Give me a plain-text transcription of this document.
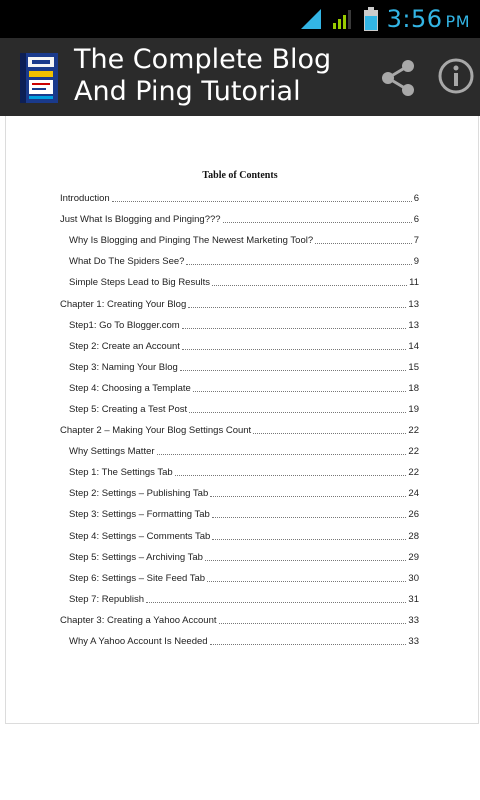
3:56 PM
The Complete Blog And Ping Tutorial
Table of Contents
Introduction	6
Just What Is Blogging and Pinging???	6
Why Is Blogging and Pinging The Newest Marketing Tool?	7
What Do The Spiders See?	9
Simple Steps Lead to Big Results	11
Chapter 1: Creating Your Blog	13
Step1: Go To Blogger.com	13
Step 2: Create an Account	14
Step 3: Naming Your Blog	15
Step 4: Choosing a Template	18
Step 5: Creating a Test Post	19
Chapter 2 – Making Your Blog Settings Count	22
Why Settings Matter	22
Step 1: The Settings Tab	22
Step 2: Settings – Publishing Tab	24
Step 3: Settings – Formatting Tab	26
Step 4: Settings – Comments Tab	28
Step 5: Settings – Archiving Tab	29
Step 6: Settings – Site Feed Tab	30
Step 7: Republish	31
Chapter 3: Creating a Yahoo Account	33
Why A Yahoo Account Is Needed	33
